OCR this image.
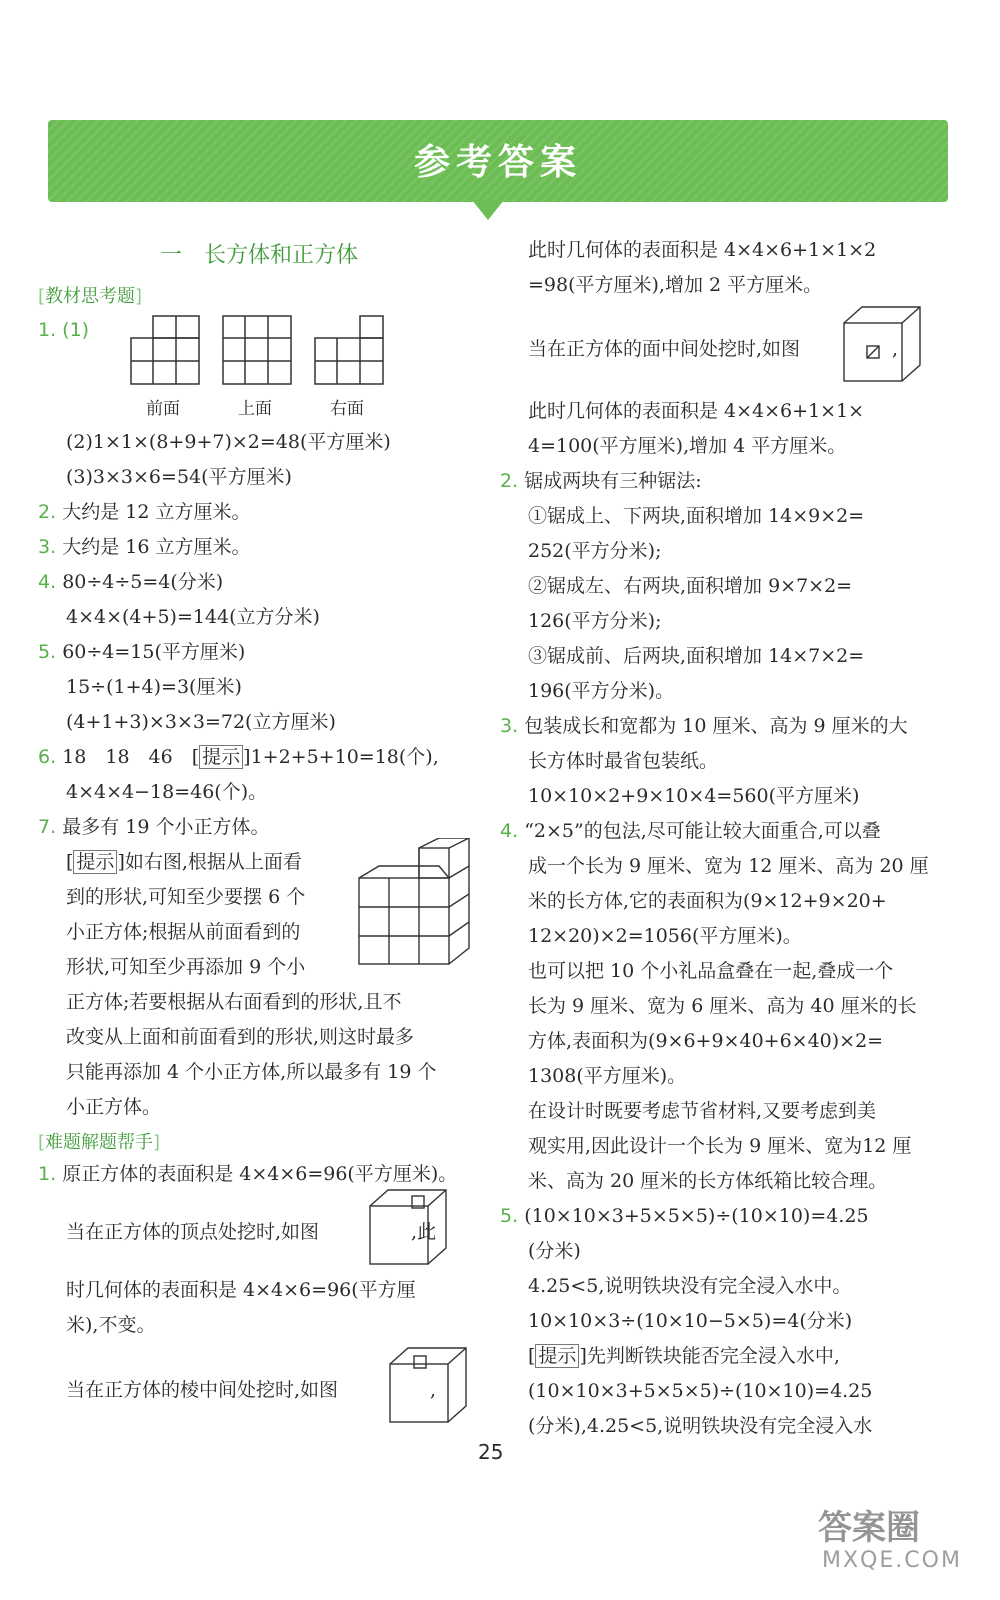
参考答案
一　长方体和正方体
[ 教材思考题 ]
1. (1)
前面	上面	右面
(2)1×1×(8+9+7)×2=48(平方厘米)
(3)3×3×6=54(平方厘米)
2. 大约是 12 立方厘米。
3. 大约是 16 立方厘米。
4. 80÷4÷5=4(分米)
4×4×(4+5)=144(立方分米)
5. 60÷4=15(平方厘米)
15÷(1+4)=3(厘米)
(4+1+3)×3×3=72(立方厘米)
6. 18　18　46　[ 提示 ]1+2+5+10=18(个),
4×4×4−18=46(个)。
7. 最多有 19 个小正方体。
[ 提示 ]如右图,根据从上面看
到的形状,可知至少要摆 6 个
小正方体;根据从前面看到的
形状,可知至少再添加 9 个小
正方体;若要根据从右面看到的形状,且不
改变从上面和前面看到的形状,则这时最多
只能再添加 4 个小正方体,所以最多有 19 个
小正方体。
[ 难题解题帮手 ]
1. 原正方体的表面积是 4×4×6=96(平方厘米)。
当在正方体的顶点处挖时,如图	,此
时几何体的表面积是 4×4×6=96(平方厘
米),不变。
当在正方体的棱中间处挖时,如图	,
此时几何体的表面积是 4×4×6+1×1×2
=98(平方厘米),增加 2 平方厘米。
当在正方体的面中间处挖时,如图	,
此时几何体的表面积是 4×4×6+1×1×
4=100(平方厘米),增加 4 平方厘米。
2. 锯成两块有三种锯法:
①锯成上、下两块,面积增加 14×9×2=
252(平方分米);
②锯成左、右两块,面积增加 9×7×2=
126(平方分米);
③锯成前、后两块,面积增加 14×7×2=
196(平方分米)。
3. 包装成长和宽都为 10 厘米、高为 9 厘米的大
长方体时最省包装纸。
10×10×2+9×10×4=560(平方厘米)
4. “2×5”的包法,尽可能让较大面重合,可以叠
成一个长为 9 厘米、宽为 12 厘米、高为 20 厘
米的长方体,它的表面积为(9×12+9×20+
12×20)×2=1056(平方厘米)。
也可以把 10 个小礼品盒叠在一起,叠成一个
长为 9 厘米、宽为 6 厘米、高为 40 厘米的长
方体,表面积为(9×6+9×40+6×40)×2=
1308(平方厘米)。
在设计时既要考虑节省材料,又要考虑到美
观实用,因此设计一个长为 9 厘米、宽为12 厘
米、高为 20 厘米的长方体纸箱比较合理。
5. (10×10×3+5×5×5)÷(10×10)=4.25
(分米)
4.25<5,说明铁块没有完全浸入水中。
10×10×3÷(10×10−5×5)=4(分米)
[ 提示 ]先判断铁块能否完全浸入水中,
(10×10×3+5×5×5)÷(10×10)=4.25
(分米),4.25<5,说明铁块没有完全浸入水
25
答案圈
MXQE.COM
